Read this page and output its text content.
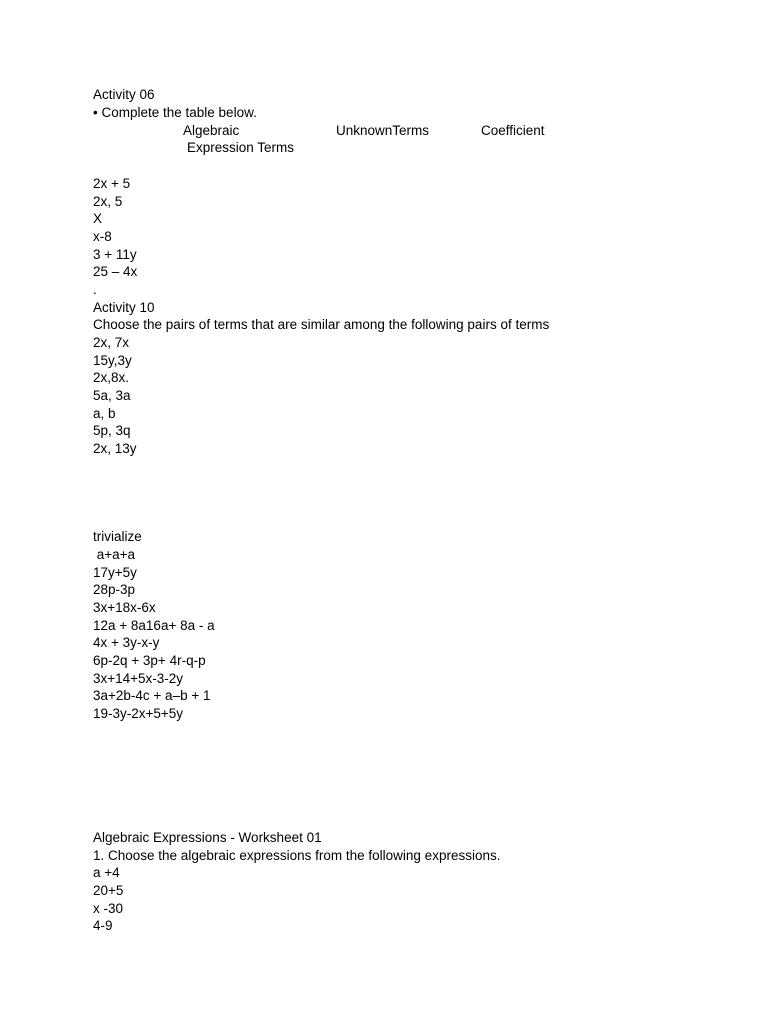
Activity 06
• Complete the table below.
Algebraic	UnknownTerms	Coefficient
Expression Terms
2x + 5
2x, 5
X
x-8
3 + 11y
25 – 4x
.
Activity 10
Choose the pairs of terms that are similar among the following pairs of terms
2x, 7x
15y,3y
2x,8x.
5a, 3a
a, b
5p, 3q
2x, 13y
trivialize
a+a+a
17y+5y
28p-3p
3x+18x-6x
12a + 8a16a+ 8a - a
4x + 3y-x-y
6p-2q + 3p+ 4r-q-p
3x+14+5x-3-2y
3a+2b-4c + a–b + 1
19-3y-2x+5+5y
Algebraic Expressions - Worksheet 01
1. Choose the algebraic expressions from the following expressions.
a +4
20+5
x -30
4-9
